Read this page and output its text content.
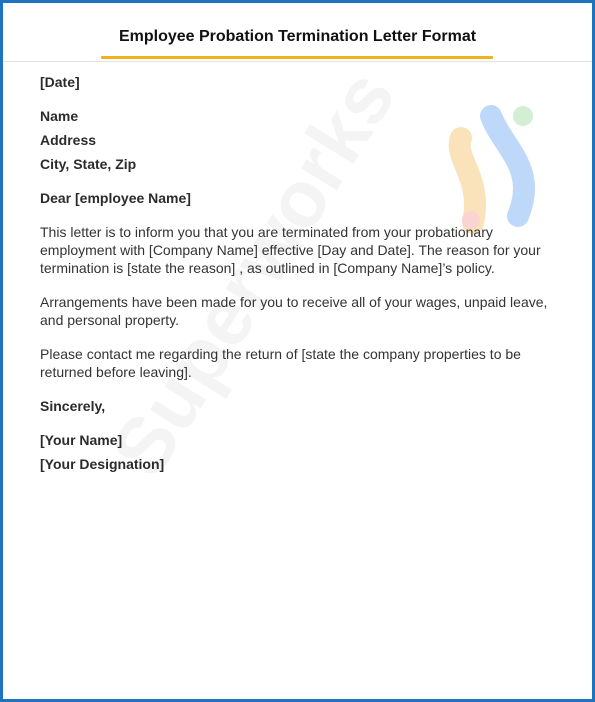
Employee Probation Termination Letter Format
[Date]
Name
Address
City, State, Zip
Dear [employee Name]

This letter is to inform you that you are terminated from your probationary employment with [Company Name] effective [Day and Date]. The reason for your termination is [state the reason] , as outlined in [Company Name]’s policy.

Arrangements have been made for you to receive all of your wages, unpaid leave, and personal property.

Please contact me regarding the return of [state the company properties to be returned before leaving].

Sincerely,
[Your Name]
[Your Designation]
